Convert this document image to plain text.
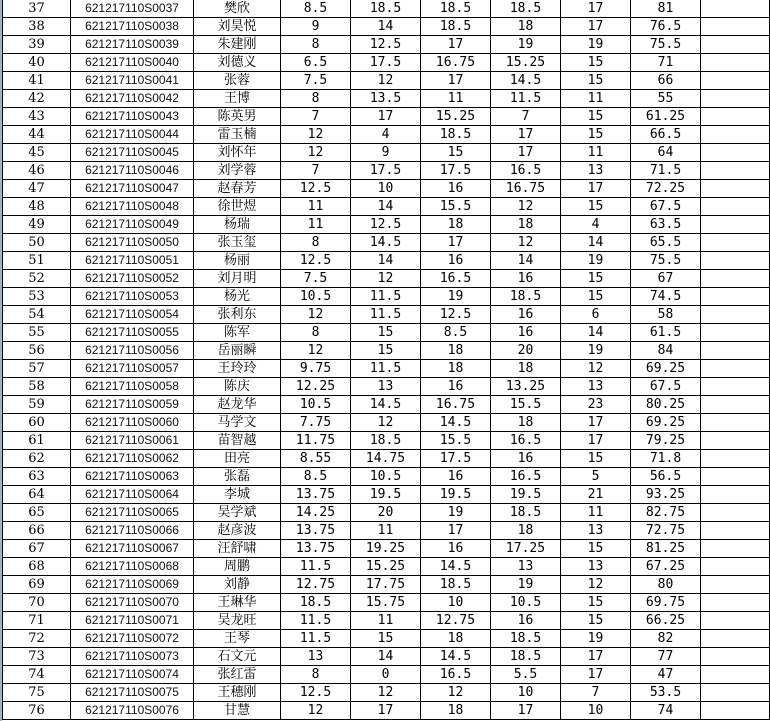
37	621217110S0037	樊欣	8.5	18.5	18.5	18.5	17	81	
38	621217110S0038	刘昊悦	9	14	18.5	18	17	76.5	
39	621217110S0039	朱建刚	8	12.5	17	19	19	75.5	
40	621217110S0040	刘德义	6.5	17.5	16.75	15.25	15	71	
41	621217110S0041	张蓉	7.5	12	17	14.5	15	66	
42	621217110S0042	王博	8	13.5	11	11.5	11	55	
43	621217110S0043	陈英男	7	17	15.25	7	15	61.25	
44	621217110S0044	雷玉楠	12	4	18.5	17	15	66.5	
45	621217110S0045	刘怀年	12	9	15	17	11	64	
46	621217110S0046	刘学蓉	7	17.5	17.5	16.5	13	71.5	
47	621217110S0047	赵春芳	12.5	10	16	16.75	17	72.25	
48	621217110S0048	徐世煜	11	14	15.5	12	15	67.5	
49	621217110S0049	杨瑞	11	12.5	18	18	4	63.5	
50	621217110S0050	张玉玺	8	14.5	17	12	14	65.5	
51	621217110S0051	杨丽	12.5	14	16	14	19	75.5	
52	621217110S0052	刘月明	7.5	12	16.5	16	15	67	
53	621217110S0053	杨光	10.5	11.5	19	18.5	15	74.5	
54	621217110S0054	张利东	12	11.5	12.5	16	6	58	
55	621217110S0055	陈军	8	15	8.5	16	14	61.5	
56	621217110S0056	岳丽瞬	12	15	18	20	19	84	
57	621217110S0057	王玲玲	9.75	11.5	18	18	12	69.25	
58	621217110S0058	陈庆	12.25	13	16	13.25	13	67.5	
59	621217110S0059	赵龙华	10.5	14.5	16.75	15.5	23	80.25	
60	621217110S0060	马学文	7.75	12	14.5	18	17	69.25	
61	621217110S0061	苗智越	11.75	18.5	15.5	16.5	17	79.25	
62	621217110S0062	田亮	8.55	14.75	17.5	16	15	71.8	
63	621217110S0063	张磊	8.5	10.5	16	16.5	5	56.5	
64	621217110S0064	李城	13.75	19.5	19.5	19.5	21	93.25	
65	621217110S0065	吴学斌	14.25	20	19	18.5	11	82.75	
66	621217110S0066	赵彦波	13.75	11	17	18	13	72.75	
67	621217110S0067	汪舒啸	13.75	19.25	16	17.25	15	81.25	
68	621217110S0068	周鹏	11.5	15.25	14.5	13	13	67.25	
69	621217110S0069	刘静	12.75	17.75	18.5	19	12	80	
70	621217110S0070	王琳华	18.5	15.75	10	10.5	15	69.75	
71	621217110S0071	吴龙旺	11.5	11	12.75	16	15	66.25	
72	621217110S0072	王琴	11.5	15	18	18.5	19	82	
73	621217110S0073	石文元	13	14	14.5	18.5	17	77	
74	621217110S0074	张红雷	8	0	16.5	5.5	17	47	
75	621217110S0075	王穗刚	12.5	12	12	10	7	53.5	
76	621217110S0076	甘慧	12	17	18	17	10	74	
